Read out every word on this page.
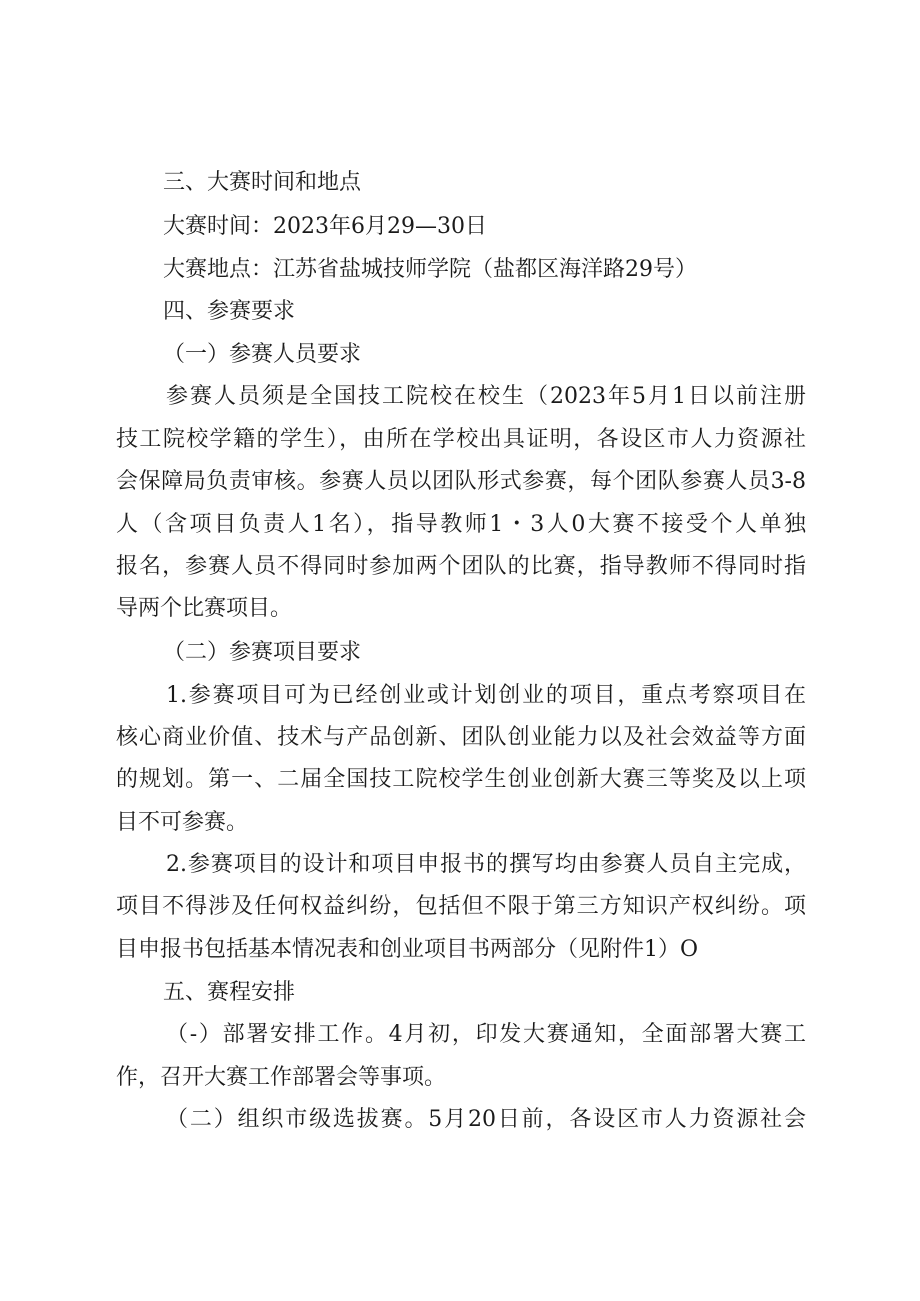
三、大赛时间和地点
大赛时间：2023年6月29—30日
大赛地点：江苏省盐城技师学院（盐都区海洋路29号）
四、参赛要求
（一）参赛人员要求
参赛人员须是全国技工院校在校生（2023年5月1日以前注册
技工院校学籍的学生），由所在学校出具证明，各设区市人力资源社
会保障局负责审核。参赛人员以团队形式参赛，每个团队参赛人员3-8
人（含项目负责人1名），指导教师1・3人0大赛不接受个人单独
报名，参赛人员不得同时参加两个团队的比赛，指导教师不得同时指
导两个比赛项目。
（二）参赛项目要求
1.参赛项目可为已经创业或计划创业的项目，重点考察项目在
核心商业价值、技术与产品创新、团队创业能力以及社会效益等方面
的规划。第一、二届全国技工院校学生创业创新大赛三等奖及以上项
目不可参赛。
2.参赛项目的设计和项目申报书的撰写均由参赛人员自主完成，
项目不得涉及任何权益纠纷，包括但不限于第三方知识产权纠纷。项
目申报书包括基本情况表和创业项目书两部分（见附件1）O
五、赛程安排
（-）部署安排工作。4月初，印发大赛通知，全面部署大赛工
作，召开大赛工作部署会等事项。
（二）组织市级选拔赛。5月20日前，各设区市人力资源社会
